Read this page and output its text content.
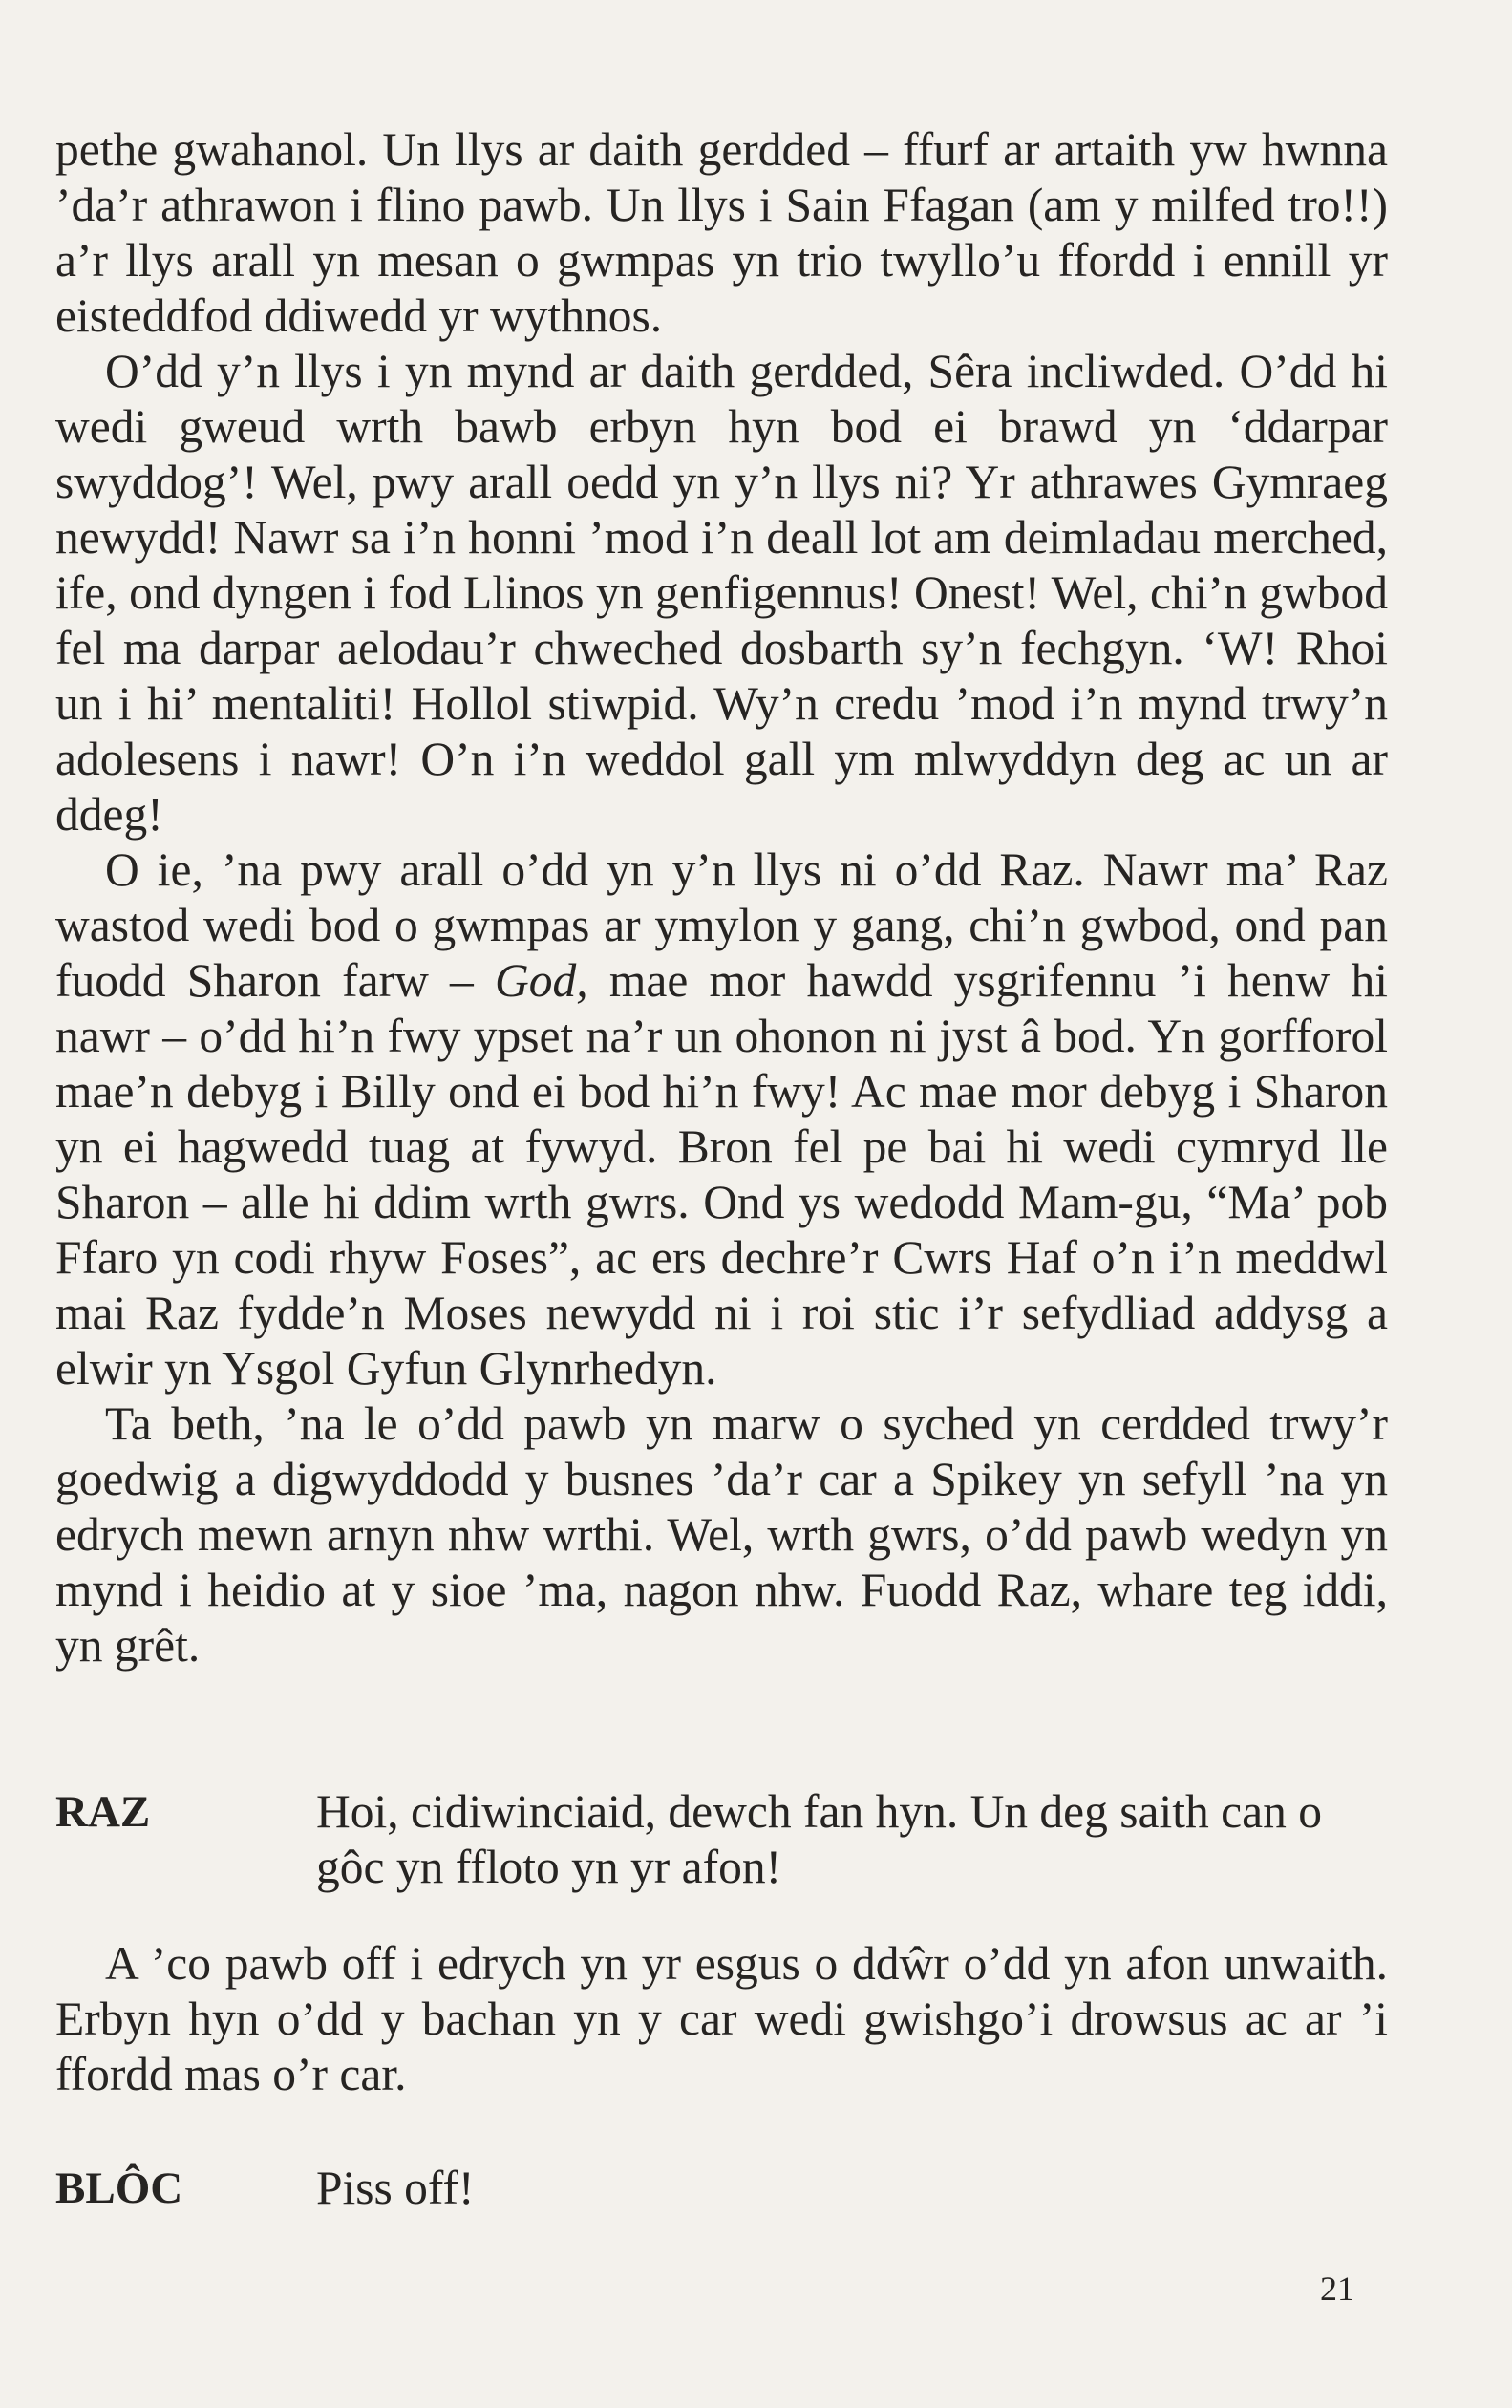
pethe gwahanol. Un llys ar daith gerdded – ffurf ar artaith yw hwnna ’da’r athrawon i flino pawb. Un llys i Sain Ffagan (am y milfed tro!!) a’r llys arall yn mesan o gwmpas yn trio twyllo’u ffordd i ennill yr eisteddfod ddiwedd yr wythnos.

O’dd y’n llys i yn mynd ar daith gerdded, Sêra incliwded. O’dd hi wedi gweud wrth bawb erbyn hyn bod ei brawd yn ‘ddarpar swyddog’! Wel, pwy arall oedd yn y’n llys ni? Yr athrawes Gymraeg newydd! Nawr sa i’n honni ’mod i’n deall lot am deimladau merched, ife, ond dyngen i fod Llinos yn genfigennus! Onest! Wel, chi’n gwbod fel ma darpar aelodau’r chweched dosbarth sy’n fechgyn. ‘W! Rhoi un i hi’ mentaliti! Hollol stiwpid. Wy’n credu ’mod i’n mynd trwy’n adolesens i nawr! O’n i’n weddol gall ym mlwyddyn deg ac un ar ddeg!

O ie, ’na pwy arall o’dd yn y’n llys ni o’dd Raz. Nawr ma’ Raz wastod wedi bod o gwmpas ar ymylon y gang, chi’n gwbod, ond pan fuodd Sharon farw – God, mae mor hawdd ysgrifennu ’i henw hi nawr – o’dd hi’n fwy ypset na’r un ohonon ni jyst â bod. Yn gorfforol mae’n debyg i Billy ond ei bod hi’n fwy! Ac mae mor debyg i Sharon yn ei hagwedd tuag at fywyd. Bron fel pe bai hi wedi cymryd lle Sharon – alle hi ddim wrth gwrs. Ond ys wedodd Mam-gu, “Ma’ pob Ffaro yn codi rhyw Foses”, ac ers dechre’r Cwrs Haf o’n i’n meddwl mai Raz fydde’n Moses newydd ni i roi stic i’r sefydliad addysg a elwir yn Ysgol Gyfun Glynrhedyn.

Ta beth, ’na le o’dd pawb yn marw o syched yn cerdded trwy’r goedwig a digwyddodd y busnes ’da’r car a Spikey yn sefyll ’na yn edrych mewn arnyn nhw wrthi. Wel, wrth gwrs, o’dd pawb wedyn yn mynd i heidio at y sioe ’ma, nagon nhw. Fuodd Raz, whare teg iddi, yn grêt.

RAZ	Hoi, cidiwinciaid, dewch fan hyn. Un deg saith can o gôc yn ffloto yn yr afon!

A ’co pawb off i edrych yn yr esgus o ddŵr o’dd yn afon unwaith. Erbyn hyn o’dd y bachan yn y car wedi gwishgo’i drowsus ac ar ’i ffordd mas o’r car.

BLÔC	Piss off!
21
